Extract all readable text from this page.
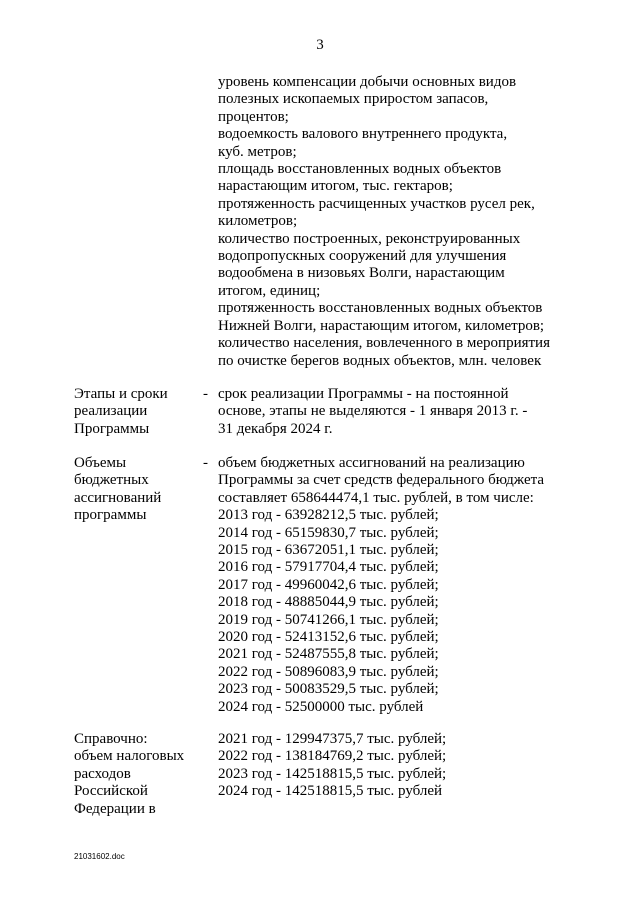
3
уровень компенсации добычи основных видов
полезных ископаемых приростом запасов,
процентов;
водоемкость валового внутреннего продукта,
куб. метров;
площадь восстановленных водных объектов
нарастающим итогом, тыс. гектаров;
протяженность расчищенных участков русел рек,
километров;
количество построенных, реконструированных
водопропускных сооружений для улучшения
водообмена в низовьях Волги, нарастающим
итогом, единиц;
протяженность восстановленных водных объектов
Нижней Волги, нарастающим итогом, километров;
количество населения, вовлеченного в мероприятия
по очистке берегов водных объектов, млн. человек
Этапы и сроки
реализации
Программы
- срок реализации Программы - на постоянной
основе, этапы не выделяются - 1 января 2013 г. -
31 декабря 2024 г.
Объемы
бюджетных
ассигнований
программы
- объем бюджетных ассигнований на реализацию
Программы за счет средств федерального бюджета
составляет 658644474,1 тыс. рублей, в том числе:
2013 год - 63928212,5 тыс. рублей;
2014 год - 65159830,7 тыс. рублей;
2015 год - 63672051,1 тыс. рублей;
2016 год - 57917704,4 тыс. рублей;
2017 год - 49960042,6 тыс. рублей;
2018 год - 48885044,9 тыс. рублей;
2019 год - 50741266,1 тыс. рублей;
2020 год - 52413152,6 тыс. рублей;
2021 год - 52487555,8 тыс. рублей;
2022 год - 50896083,9 тыс. рублей;
2023 год - 50083529,5 тыс. рублей;
2024 год - 52500000 тыс. рублей
Справочно:
объем налоговых
расходов
Российской
Федерации в
2021 год - 129947375,7 тыс. рублей;
2022 год - 138184769,2 тыс. рублей;
2023 год - 142518815,5 тыс. рублей;
2024 год - 142518815,5 тыс. рублей
21031602.doc
